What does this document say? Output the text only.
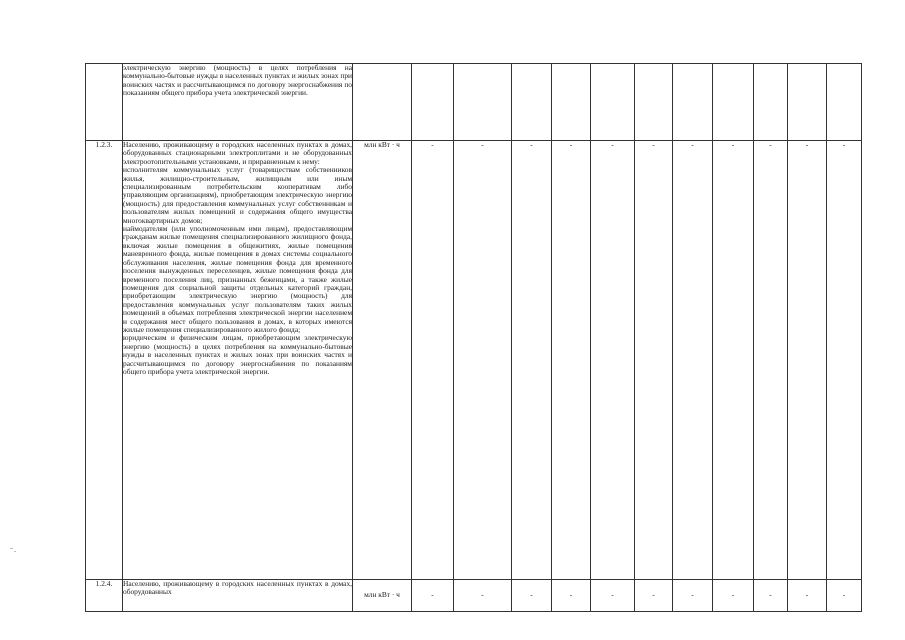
	электрическую энергию (мощность) в целях потребления на коммунально-бытовые нужды в населенных пунктах и жилых зонах при воинских частях и рассчитывающимся по договору энергоснабжения по показаниям общего прибора учета электрической энергии.												

1.2.3.	Населению, проживающему в городских населенных пунктах в домах, оборудованных стационарными электроплитами и не оборудованных электроотопительными установками, и приравненным к нему:

исполнителям коммунальных услуг (товариществам собственников жилья, жилищно-строительным, жилищным или иным специализированным потребительским кооперативам либо управляющим организациям), приобретающим электрическую энергию (мощность) для предоставления коммунальных услуг собственникам и пользователям жилых помещений и содержания общего имущества многоквартирных домов;

наймодателям (или уполномоченным ими лицам), предоставляющим гражданам жилые помещения специализированного жилищного фонда, включая жилые помещения в общежитиях, жилые помещения маневренного фонда, жилые помещения в домах системы социального обслуживания населения, жилые помещения фонда для временного поселения вынужденных переселенцев, жилые помещения фонда для временного поселения лиц, признанных беженцами, а также жилые помещения для социальной защиты отдельных категорий граждан, приобретающим электрическую энергию (мощность) для предоставления коммунальных услуг пользователям таких жилых помещений в объемах потребления электрической энергии населением и содержания мест общего пользования в домах, в которых имеются жилые помещения специализированного жилого фонда;

юридическим и физическим лицам, приобретающим электрическую энергию (мощность) в целях потребления на коммунально-бытовые нужды в населенных пунктах и жилых зонах при воинских частях и рассчитывающимся по договору энергоснабжения по показаниям общего прибора учета электрической энергии.	млн кВт · ч	-	-	-	-	-	-	-	-	-	-	-
1.2.4.	Населению, проживающему в городских населенных пунктах в домах, оборудованных	млн кВт · ч	-	-	-	-	-	-	-	-	-	-	-
